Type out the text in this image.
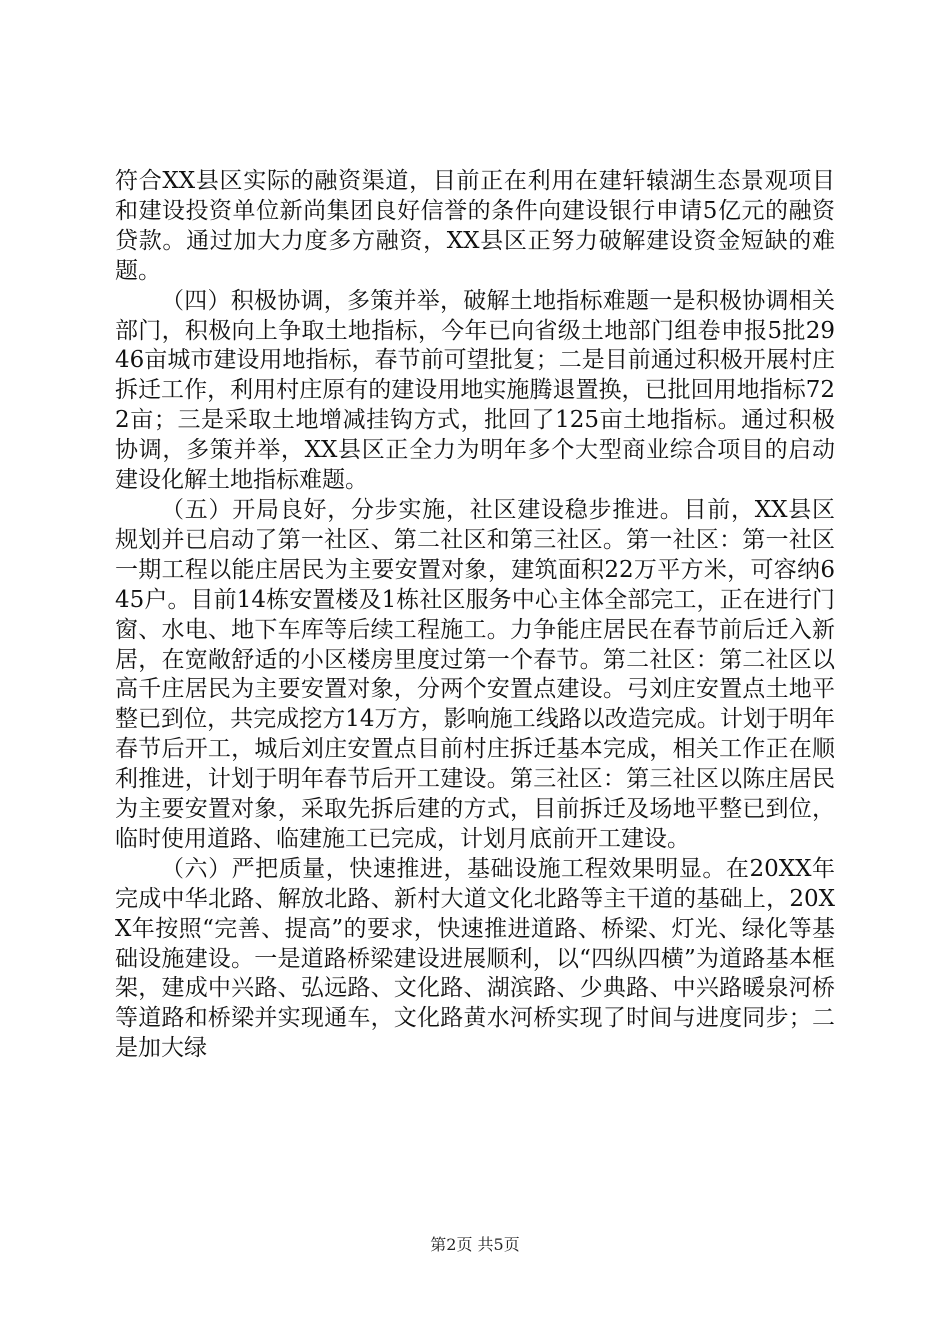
符合XX县区实际的融资渠道，目前正在利用在建轩辕湖生态景观项目和建设投资单位新尚集团良好信誉的条件向建设银行申请5亿元的融资贷款。通过加大力度多方融资，XX县区正努力破解建设资金短缺的难题。

（四）积极协调，多策并举，破解土地指标难题一是积极协调相关部门，积极向上争取土地指标，今年已向省级土地部门组卷申报5批2946亩城市建设用地指标，春节前可望批复；二是目前通过积极开展村庄拆迁工作，利用村庄原有的建设用地实施腾退置换，已批回用地指标722亩；三是采取土地增减挂钩方式，批回了125亩土地指标。通过积极协调，多策并举，XX县区正全力为明年多个大型商业综合项目的启动建设化解土地指标难题。

（五）开局良好，分步实施，社区建设稳步推进。目前，XX县区规划并已启动了第一社区、第二社区和第三社区。第一社区：第一社区一期工程以能庄居民为主要安置对象，建筑面积22万平方米，可容纳645户。目前14栋安置楼及1栋社区服务中心主体全部完工，正在进行门窗、水电、地下车库等后续工程施工。力争能庄居民在春节前后迁入新居，在宽敞舒适的小区楼房里度过第一个春节。第二社区：第二社区以高千庄居民为主要安置对象，分两个安置点建设。弓刘庄安置点土地平整已到位，共完成挖方14万方，影响施工线路以改造完成。计划于明年春节后开工，城后刘庄安置点目前村庄拆迁基本完成，相关工作正在顺利推进，计划于明年春节后开工建设。第三社区：第三社区以陈庄居民为主要安置对象，采取先拆后建的方式，目前拆迁及场地平整已到位，临时使用道路、临建施工已完成，计划月底前开工建设。

（六）严把质量，快速推进，基础设施工程效果明显。在20XX年完成中华北路、解放北路、新村大道文化北路等主干道的基础上，20XX年按照“完善、提高”的要求，快速推进道路、桥梁、灯光、绿化等基础设施建设。一是道路桥梁建设进展顺利，以“四纵四横”为道路基本框架，建成中兴路、弘远路、文化路、湖滨路、少典路、中兴路暖泉河桥等道路和桥梁并实现通车，文化路黄水河桥实现了时间与进度同步；二是加大绿

第2页 共5页
